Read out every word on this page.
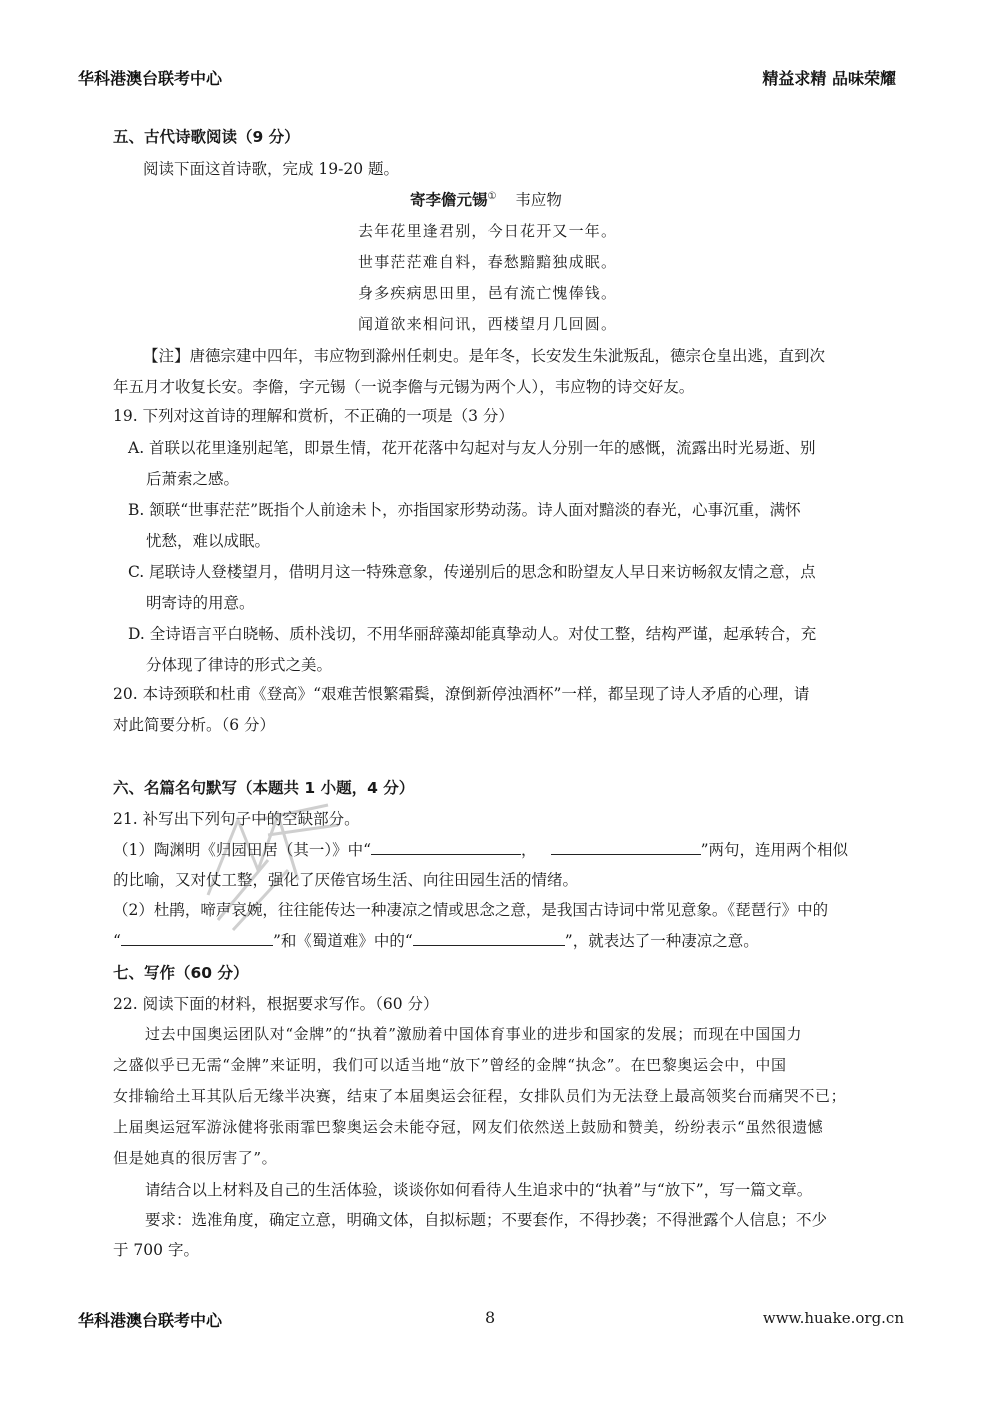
华科港澳台联考中心	精益求精 品味荣耀
五、古代诗歌阅读（9 分）
阅读下面这首诗歌，完成 19-20 题。
寄李儋元锡① 韦应物
去年花里逢君别，今日花开又一年。
世事茫茫难自料，春愁黯黯独成眠。
身多疾病思田里，邑有流亡愧俸钱。
闻道欲来相问讯，西楼望月几回圆。
【注】唐德宗建中四年，韦应物到滁州任刺史。是年冬，长安发生朱泚叛乱，德宗仓皇出逃，直到次
年五月才收复长安。李儋，字元锡（一说李儋与元锡为两个人），韦应物的诗交好友。
19. 下列对这首诗的理解和赏析，不正确的一项是（3 分）
A. 首联以花里逢别起笔，即景生情，花开花落中勾起对与友人分别一年的感慨，流露出时光易逝、别
后萧索之感。
B. 颔联“世事茫茫”既指个人前途未卜，亦指国家形势动荡。诗人面对黯淡的春光，心事沉重，满怀
忧愁，难以成眠。
C. 尾联诗人登楼望月，借明月这一特殊意象，传递别后的思念和盼望友人早日来访畅叙友情之意，点
明寄诗的用意。
D. 全诗语言平白晓畅、质朴浅切，不用华丽辞藻却能真挚动人。对仗工整，结构严谨，起承转合，充
分体现了律诗的形式之美。
20. 本诗颈联和杜甫《登高》“艰难苦恨繁霜鬓，潦倒新停浊酒杯”一样，都呈现了诗人矛盾的心理，请
对此简要分析。（6 分）
六、名篇名句默写（本题共 1 小题，4 分）
21. 补写出下列句子中的空缺部分。
（1）陶渊明《归园田居（其一）》中“	，	”两句，连用两个相似
的比喻，又对仗工整，强化了厌倦官场生活、向往田园生活的情绪。
（2）杜鹃，啼声哀婉，往往能传达一种凄凉之情或思念之意，是我国古诗词中常见意象。《琵琶行》中的
“	”和《蜀道难》中的“	”，就表达了一种凄凉之意。
七、写作（60 分）
22. 阅读下面的材料，根据要求写作。（60 分）
过去中国奥运团队对“金牌”的“执着”激励着中国体育事业的进步和国家的发展；而现在中国国力
之盛似乎已无需“金牌”来证明，我们可以适当地“放下”曾经的金牌“执念”。在巴黎奥运会中，中国
女排输给土耳其队后无缘半决赛，结束了本届奥运会征程，女排队员们为无法登上最高领奖台而痛哭不已；
上届奥运冠军游泳健将张雨霏巴黎奥运会未能夺冠，网友们依然送上鼓励和赞美，纷纷表示“虽然很遗憾
但是她真的很厉害了”。
请结合以上材料及自己的生活体验，谈谈你如何看待人生追求中的“执着”与“放下”，写一篇文章。
要求：选准角度，确定立意，明确文体，自拟标题；不要套作，不得抄袭；不得泄露个人信息；不少
于 700 字。
华科港澳台联考中心	8	www.huake.org.cn
